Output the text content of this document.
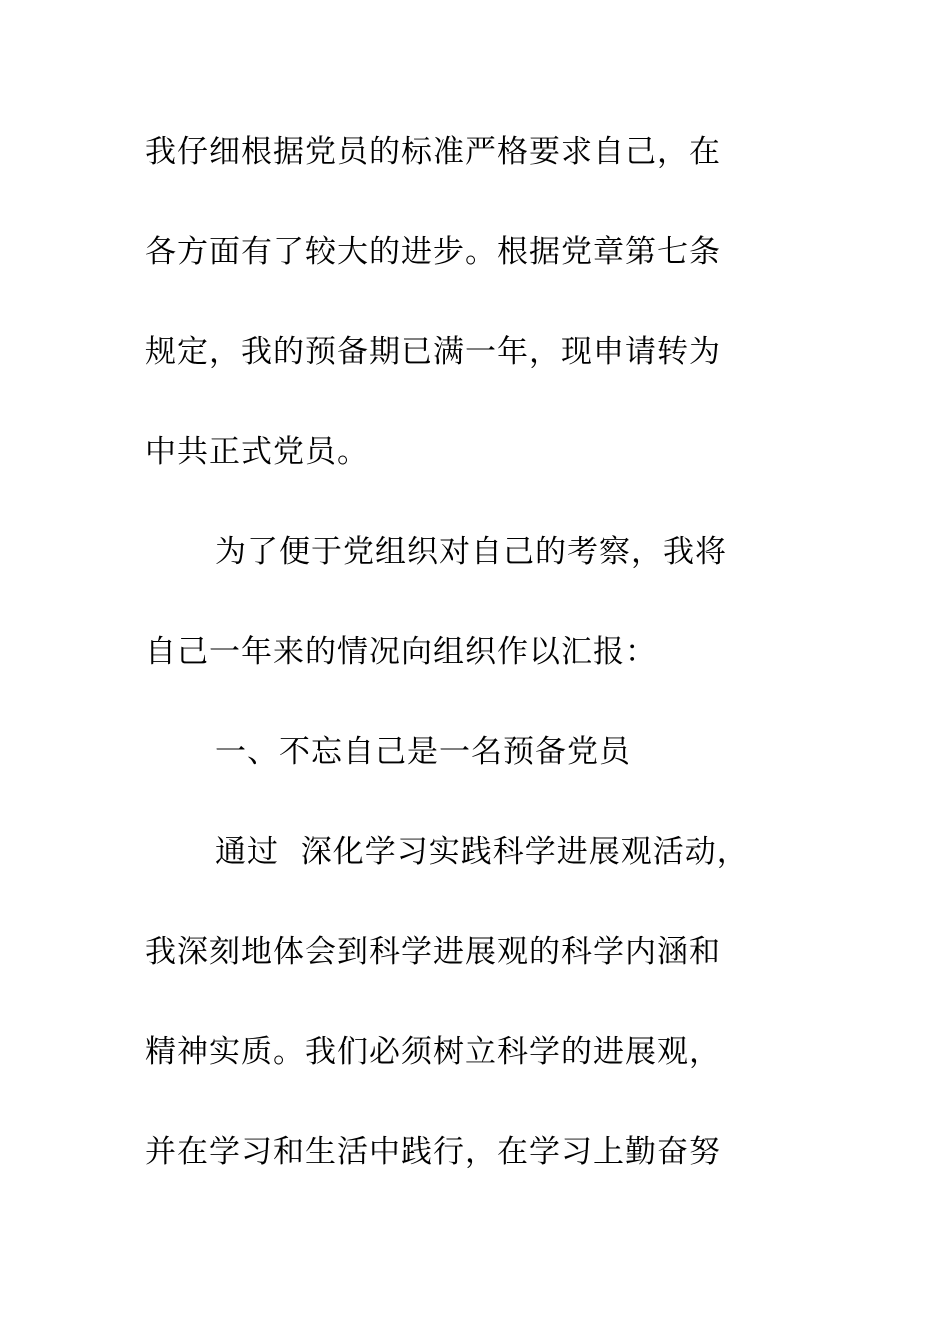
我仔细根据党员的标准严格要求自己，在
各方面有了较大的进步。根据党章第七条
规定，我的预备期已满一年，现申请转为
中共正式党员。
为了便于党组织对自己的考察，我将
自己一年来的情况向组织作以汇报：
一、不忘自己是一名预备党员
通过  深化学习实践科学进展观活动，
我深刻地体会到科学进展观的科学内涵和
精神实质。我们必须树立科学的进展观，
并在学习和生活中践行，在学习上勤奋努
